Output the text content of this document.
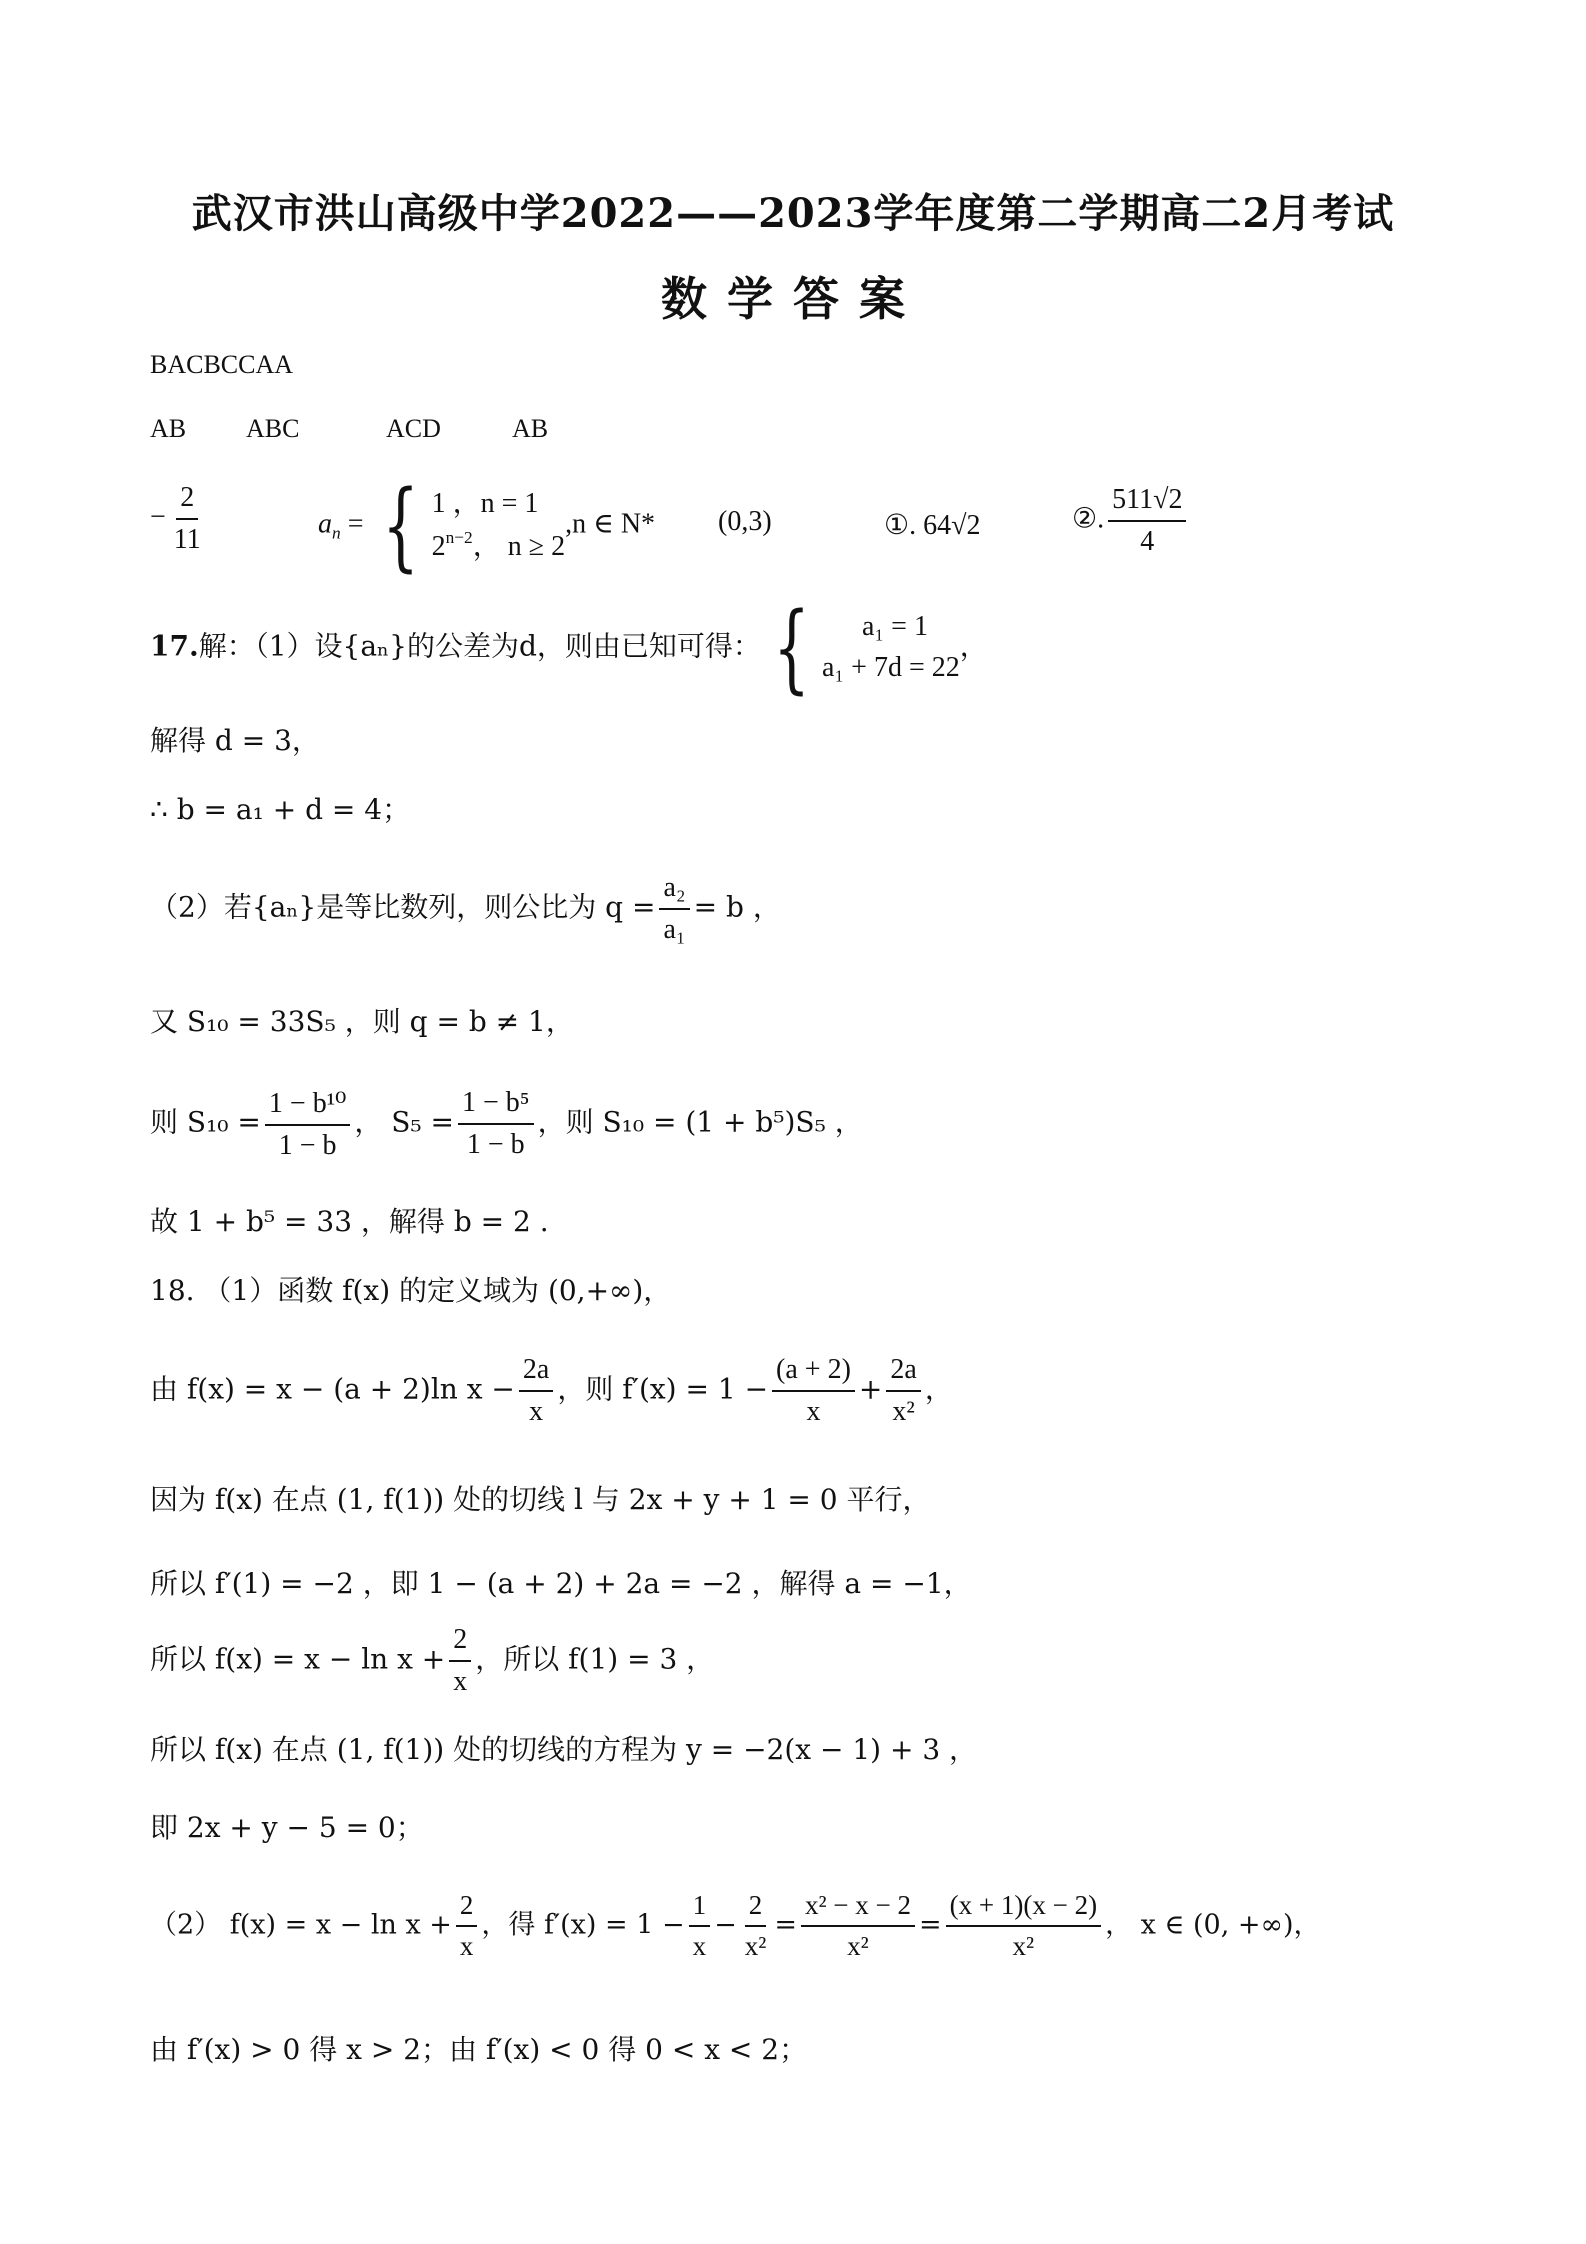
武汉市洪山高级中学2022——2023学年度第二学期高二2月考试
数学答案
BACBCCAA
AB ABC	ACD	AB
− $\frac{2}{11}$	$a_n$ = { 1 ，n = 1
$2^{n-2}$， n ≥ 2
,n ∈ N* (0,3)	①. 64√2	②. $\frac{511√2}{4}$
17.解：（1）设{aₙ}的公差为d，则由已知可得： {	a₁ = 1
a₁ + 7d = 22
，
解得 d = 3，
∴ b = a₁ + d = 4；
（2）若{aₙ}是等比数列，则公比为 $q = \frac{\text{a₂}}{\text{a₁}} = b$ ，
又 S₁₀ = 33S₅ ，则 q = b ≠ 1，
则 $S_{10} = \frac{\text{1 − b¹⁰}}{1 - b}$ ， $S_5 = \frac{\text{1 − b⁵}}{1 - b}$ ，则 S₁₀ = (1 + b⁵)S₅ ，
故 1 + b⁵ = 33 ，解得 b = 2 .
18. （1）函数 f(x) 的定义域为 (0,+∞)，
由 f(x) = x − (a + 2)ln $x - \frac{2a}{x}$ ，则 $f'(x) = 1 - \frac{(a + 2)}{x} + \frac{2a}{\text{x²}}$ ，
因为 f(x) 在点 (1, f(1)) 处的切线 l 与 2x + y + 1 = 0 平行，
所以 f′(1) = −2 ，即 1 − (a + 2) + 2a = −2 ，解得 a = −1，
所以 $f(x) = x - \ln x + \frac{2}{x}$ ，所以 f(1) = 3 ，
所以 f(x) 在点 (1, f(1)) 处的切线的方程为 y = −2(x − 1) + 3 ，
即 2x + y − 5 = 0；
（2） $f(x) = x - \ln x + \frac{2}{x}$ ，得 $f'(x) = 1 - \frac{1}{x} - \frac{2}{\text{x²}} = \frac{\text{x² − x − 2}}{\text{x²}} = \frac{(x + 1)(x - 2)}{\text{x²}}$ ， x ∈ (0, +∞)，
由 f′(x) > 0 得 x > 2；由 f′(x) < 0 得 0 < x < 2；
